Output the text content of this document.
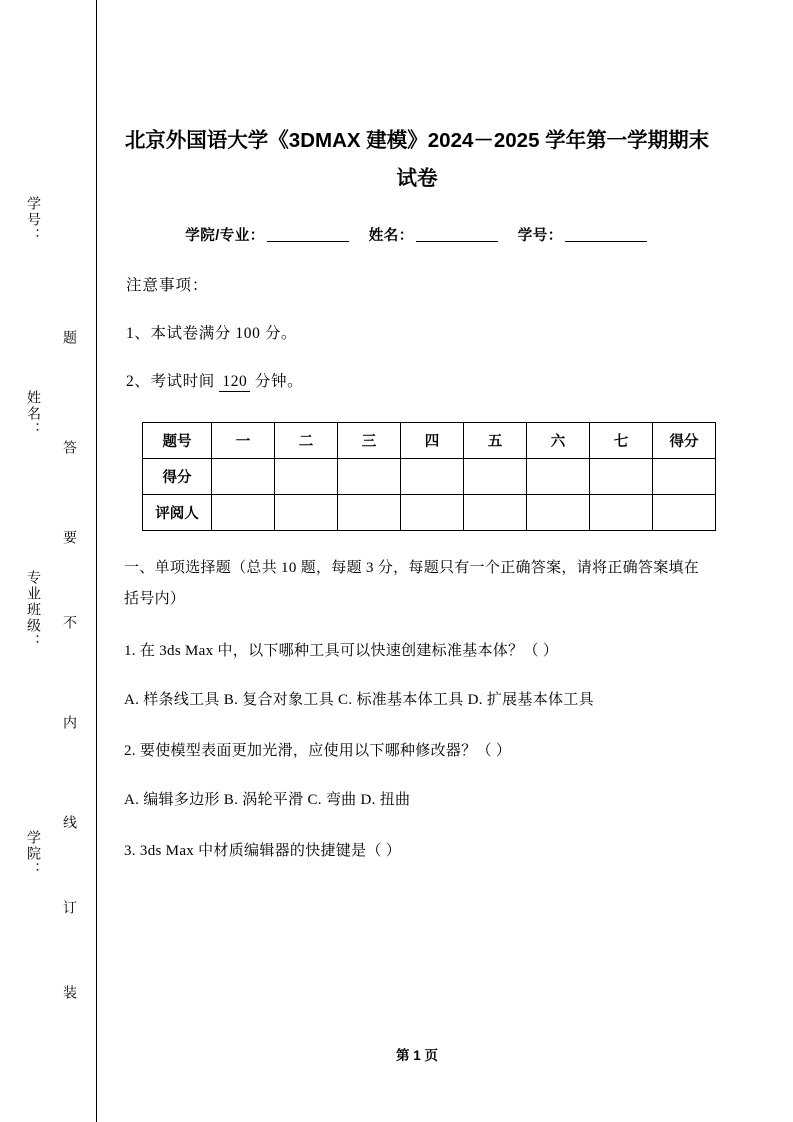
学号：
姓名：
专业班级：
学院：
题
答
要
不
内
线
订
装
北京外国语大学《3DMAX 建模》2024－2025 学年第一学期期末试卷
学院/专业：	姓名：	学号：
注意事项：
1、本试卷满分 100 分。
2、考试时间 120 分钟。
题号	一	二	三	四	五	六	七	得分
得分								
评阅人								
一、单项选择题（总共 10 题，每题 3 分，每题只有一个正确答案，请将正确答案填在括号内）
1. 在 3ds Max 中，以下哪种工具可以快速创建标准基本体？（ ）
A. 样条线工具 B. 复合对象工具 C. 标准基本体工具 D. 扩展基本体工具
2. 要使模型表面更加光滑，应使用以下哪种修改器？（ ）
A. 编辑多边形 B. 涡轮平滑 C. 弯曲 D. 扭曲
3. 3ds Max 中材质编辑器的快捷键是（ ）
第 1 页
